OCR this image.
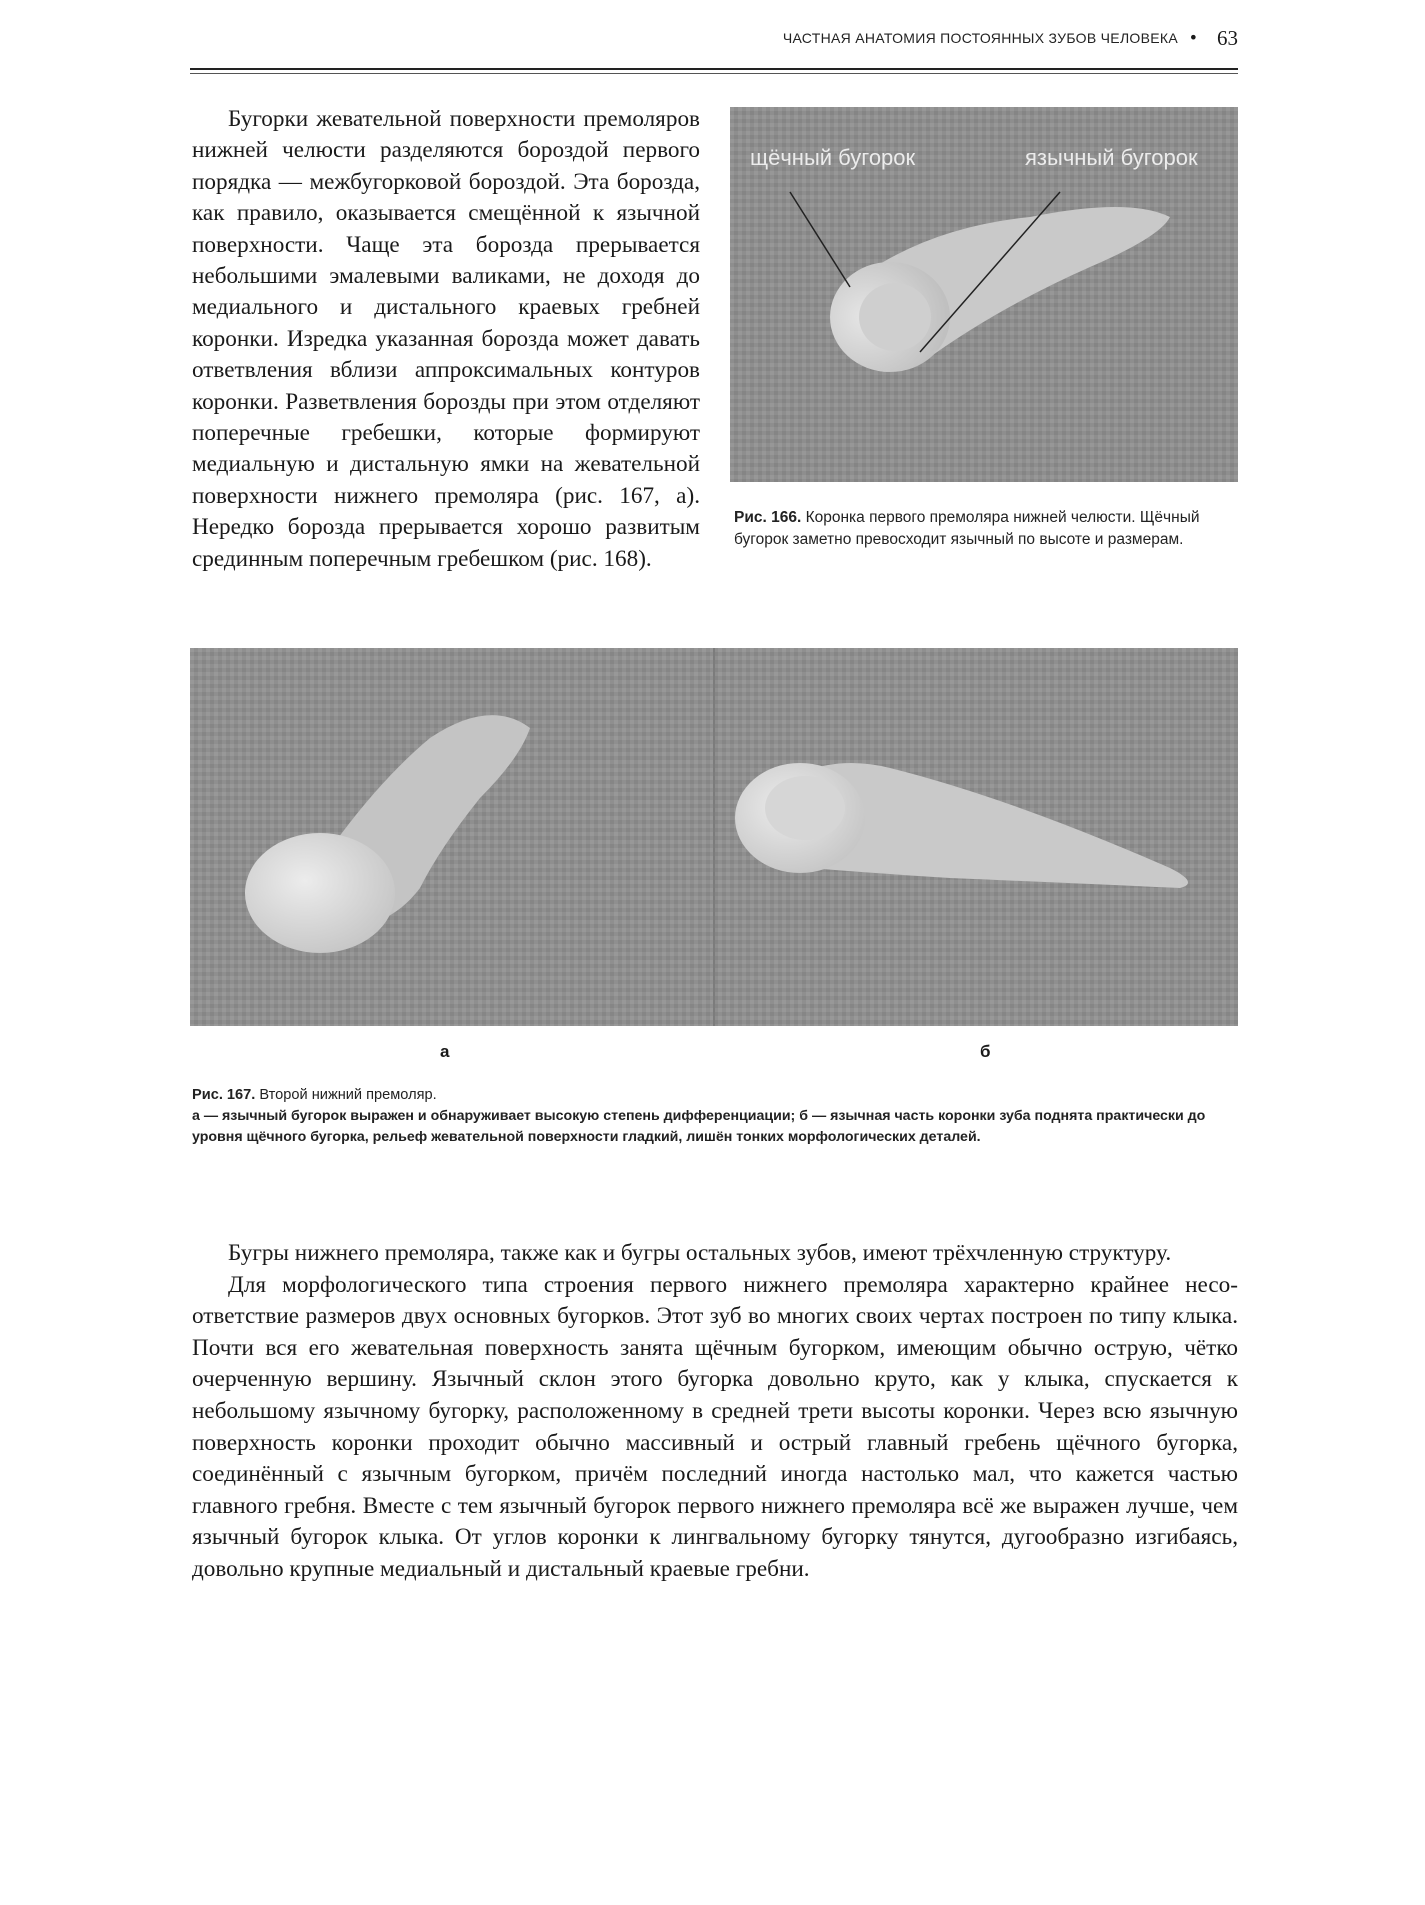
ЧАСТНАЯ АНАТОМИЯ ПОСТОЯННЫХ ЗУБОВ ЧЕЛОВЕКА • 63

Бугорки жевательной поверхности премоляров нижней челюсти разделяются бороздой первого порядка — межбугорковой бороздой. Эта борозда, как правило, оказывается смещённой к язычной поверхности. Чаще эта борозда прерывается небольшими эмалевыми валиками, не доходя до медиального и дистального краевых гребней коронки. Изредка указанная борозда может давать ответвления вблизи аппроксимальных контуров коронки. Разветвления борозды при этом отделяют поперечные гребешки, которые формируют медиальную и дистальную ямки на жевательной поверхности нижнего премоляра (рис. 167, а). Нередко борозда прерывается хорошо развитым срединным поперечным гребешком (рис. 168).

щёчный бугорок	язычный бугорок
Рис. 166. Коронка первого премоляра нижней челюсти. Щёчный бугорок заметно превосходит язычный по высоте и размерам.
а	б

Рис. 167. Второй нижний премоляр.

а — язычный бугорок выражен и обнаруживает высокую степень дифференциации; б — язычная часть коронки зуба поднята практически до уровня щёчного бугорка, рельеф жевательной поверхности гладкий, лишён тонких морфологических деталей.

Бугры нижнего премоляра, также как и бугры остальных зубов, имеют трёхчленную структуру.

Для морфологического типа строения первого нижнего премоляра характерно крайнее несоответствие размеров двух основных бугорков. Этот зуб во многих своих чертах построен по типу клыка. Почти вся его жевательная поверхность занята щёчным бугорком, имеющим обычно острую, чётко очерченную вершину. Язычный склон этого бугорка довольно круто, как у клыка, спускается к небольшому язычному бугорку, расположенному в средней трети высоты коронки. Через всю язычную поверхность коронки проходит обычно массивный и острый главный гребень щёчного бугорка, соединённый с язычным бугорком, причём последний иногда настолько мал, что кажется частью главного гребня. Вместе с тем язычный бугорок первого нижнего премоляра всё же выражен лучше, чем язычный бугорок клыка. От углов коронки к лингвальному бугорку тянутся, дугообразно изгибаясь, довольно крупные медиальный и дистальный краевые гребни.
